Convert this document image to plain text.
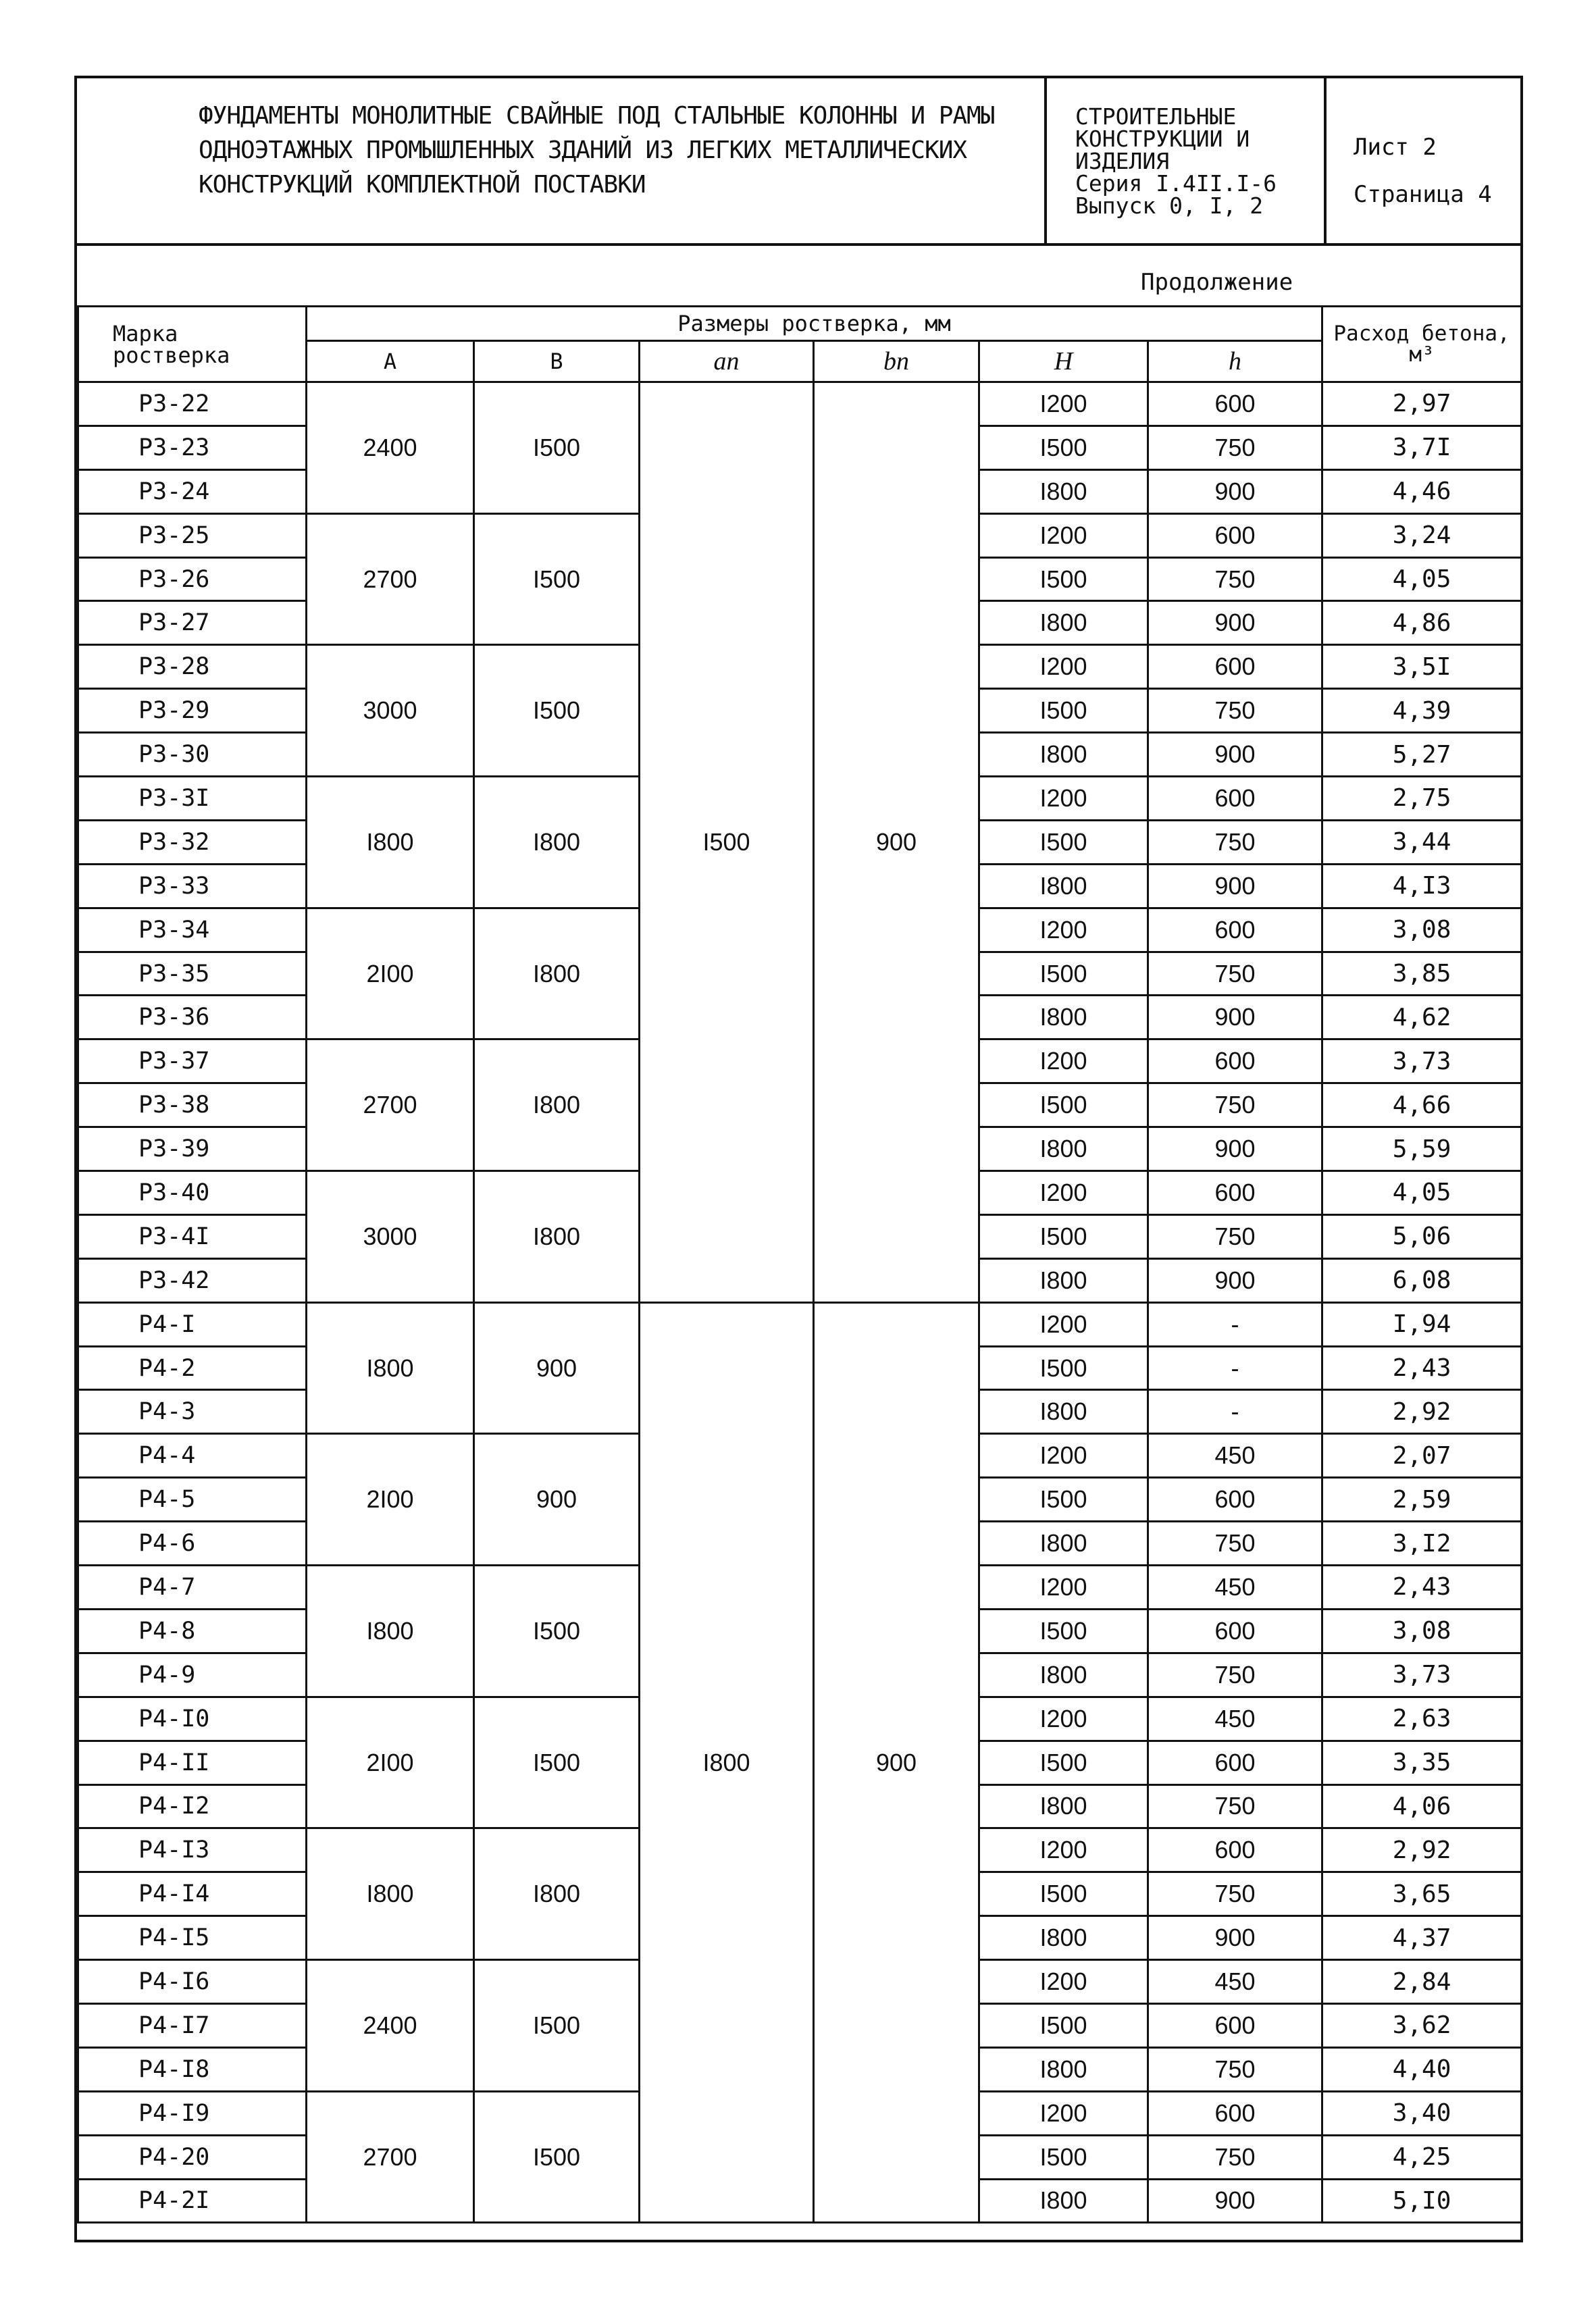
ФУНДАМЕНТЫ МОНОЛИТНЫЕ СВАЙНЫЕ ПОД СТАЛЬНЫЕ КОЛОННЫ И РАМЫ ОДНОЭТАЖНЫХ ПРОМЫШЛЕННЫХ ЗДАНИЙ ИЗ ЛЕГКИХ МЕТАЛЛИЧЕСКИХ КОНСТРУКЦИЙ КОМПЛЕКТНОЙ ПОСТАВКИ
СТРОИТЕЛЬНЫЕ
КОНСТРУКЦИИ И
ИЗДЕЛИЯ
Серия I.4II.I-6
Выпуск 0, I, 2
Лист 2
Страница 4
Продолжение
Марка ростверка	Размеры ростверка, мм						Расход бетона, м³
	A	B	aп	bп	H	h	
Р3-22	2400	I500	I500	900	I200	600	2,97
Р3-23					I500	750	3,7I
Р3-24					I800	900	4,46
Р3-25	2700	I500			I200	600	3,24
Р3-26					I500	750	4,05
Р3-27					I800	900	4,86
Р3-28	3000	I500			I200	600	3,5I
Р3-29					I500	750	4,39
Р3-30					I800	900	5,27
Р3-3I	I800	I800			I200	600	2,75
Р3-32					I500	750	3,44
Р3-33					I800	900	4,I3
Р3-34	2I00	I800			I200	600	3,08
Р3-35					I500	750	3,85
Р3-36					I800	900	4,62
Р3-37	2700	I800			I200	600	3,73
Р3-38					I500	750	4,66
Р3-39					I800	900	5,59
Р3-40	3000	I800			I200	600	4,05
Р3-4I					I500	750	5,06
Р3-42					I800	900	6,08
Р4-I	I800	900	I800	900	I200	-	I,94
Р4-2					I500	-	2,43
Р4-3					I800	-	2,92
Р4-4	2I00	900			I200	450	2,07
Р4-5					I500	600	2,59
Р4-6					I800	750	3,I2
Р4-7	I800	I500			I200	450	2,43
Р4-8					I500	600	3,08
Р4-9					I800	750	3,73
Р4-I0	2I00	I500			I200	450	2,63
Р4-II					I500	600	3,35
Р4-I2					I800	750	4,06
Р4-I3	I800	I800			I200	600	2,92
Р4-I4					I500	750	3,65
Р4-I5					I800	900	4,37
Р4-I6	2400	I500			I200	450	2,84
Р4-I7					I500	600	3,62
Р4-I8					I800	750	4,40
Р4-I9	2700	I500			I200	600	3,40
Р4-20					I500	750	4,25
Р4-2I					I800	900	5,I0
